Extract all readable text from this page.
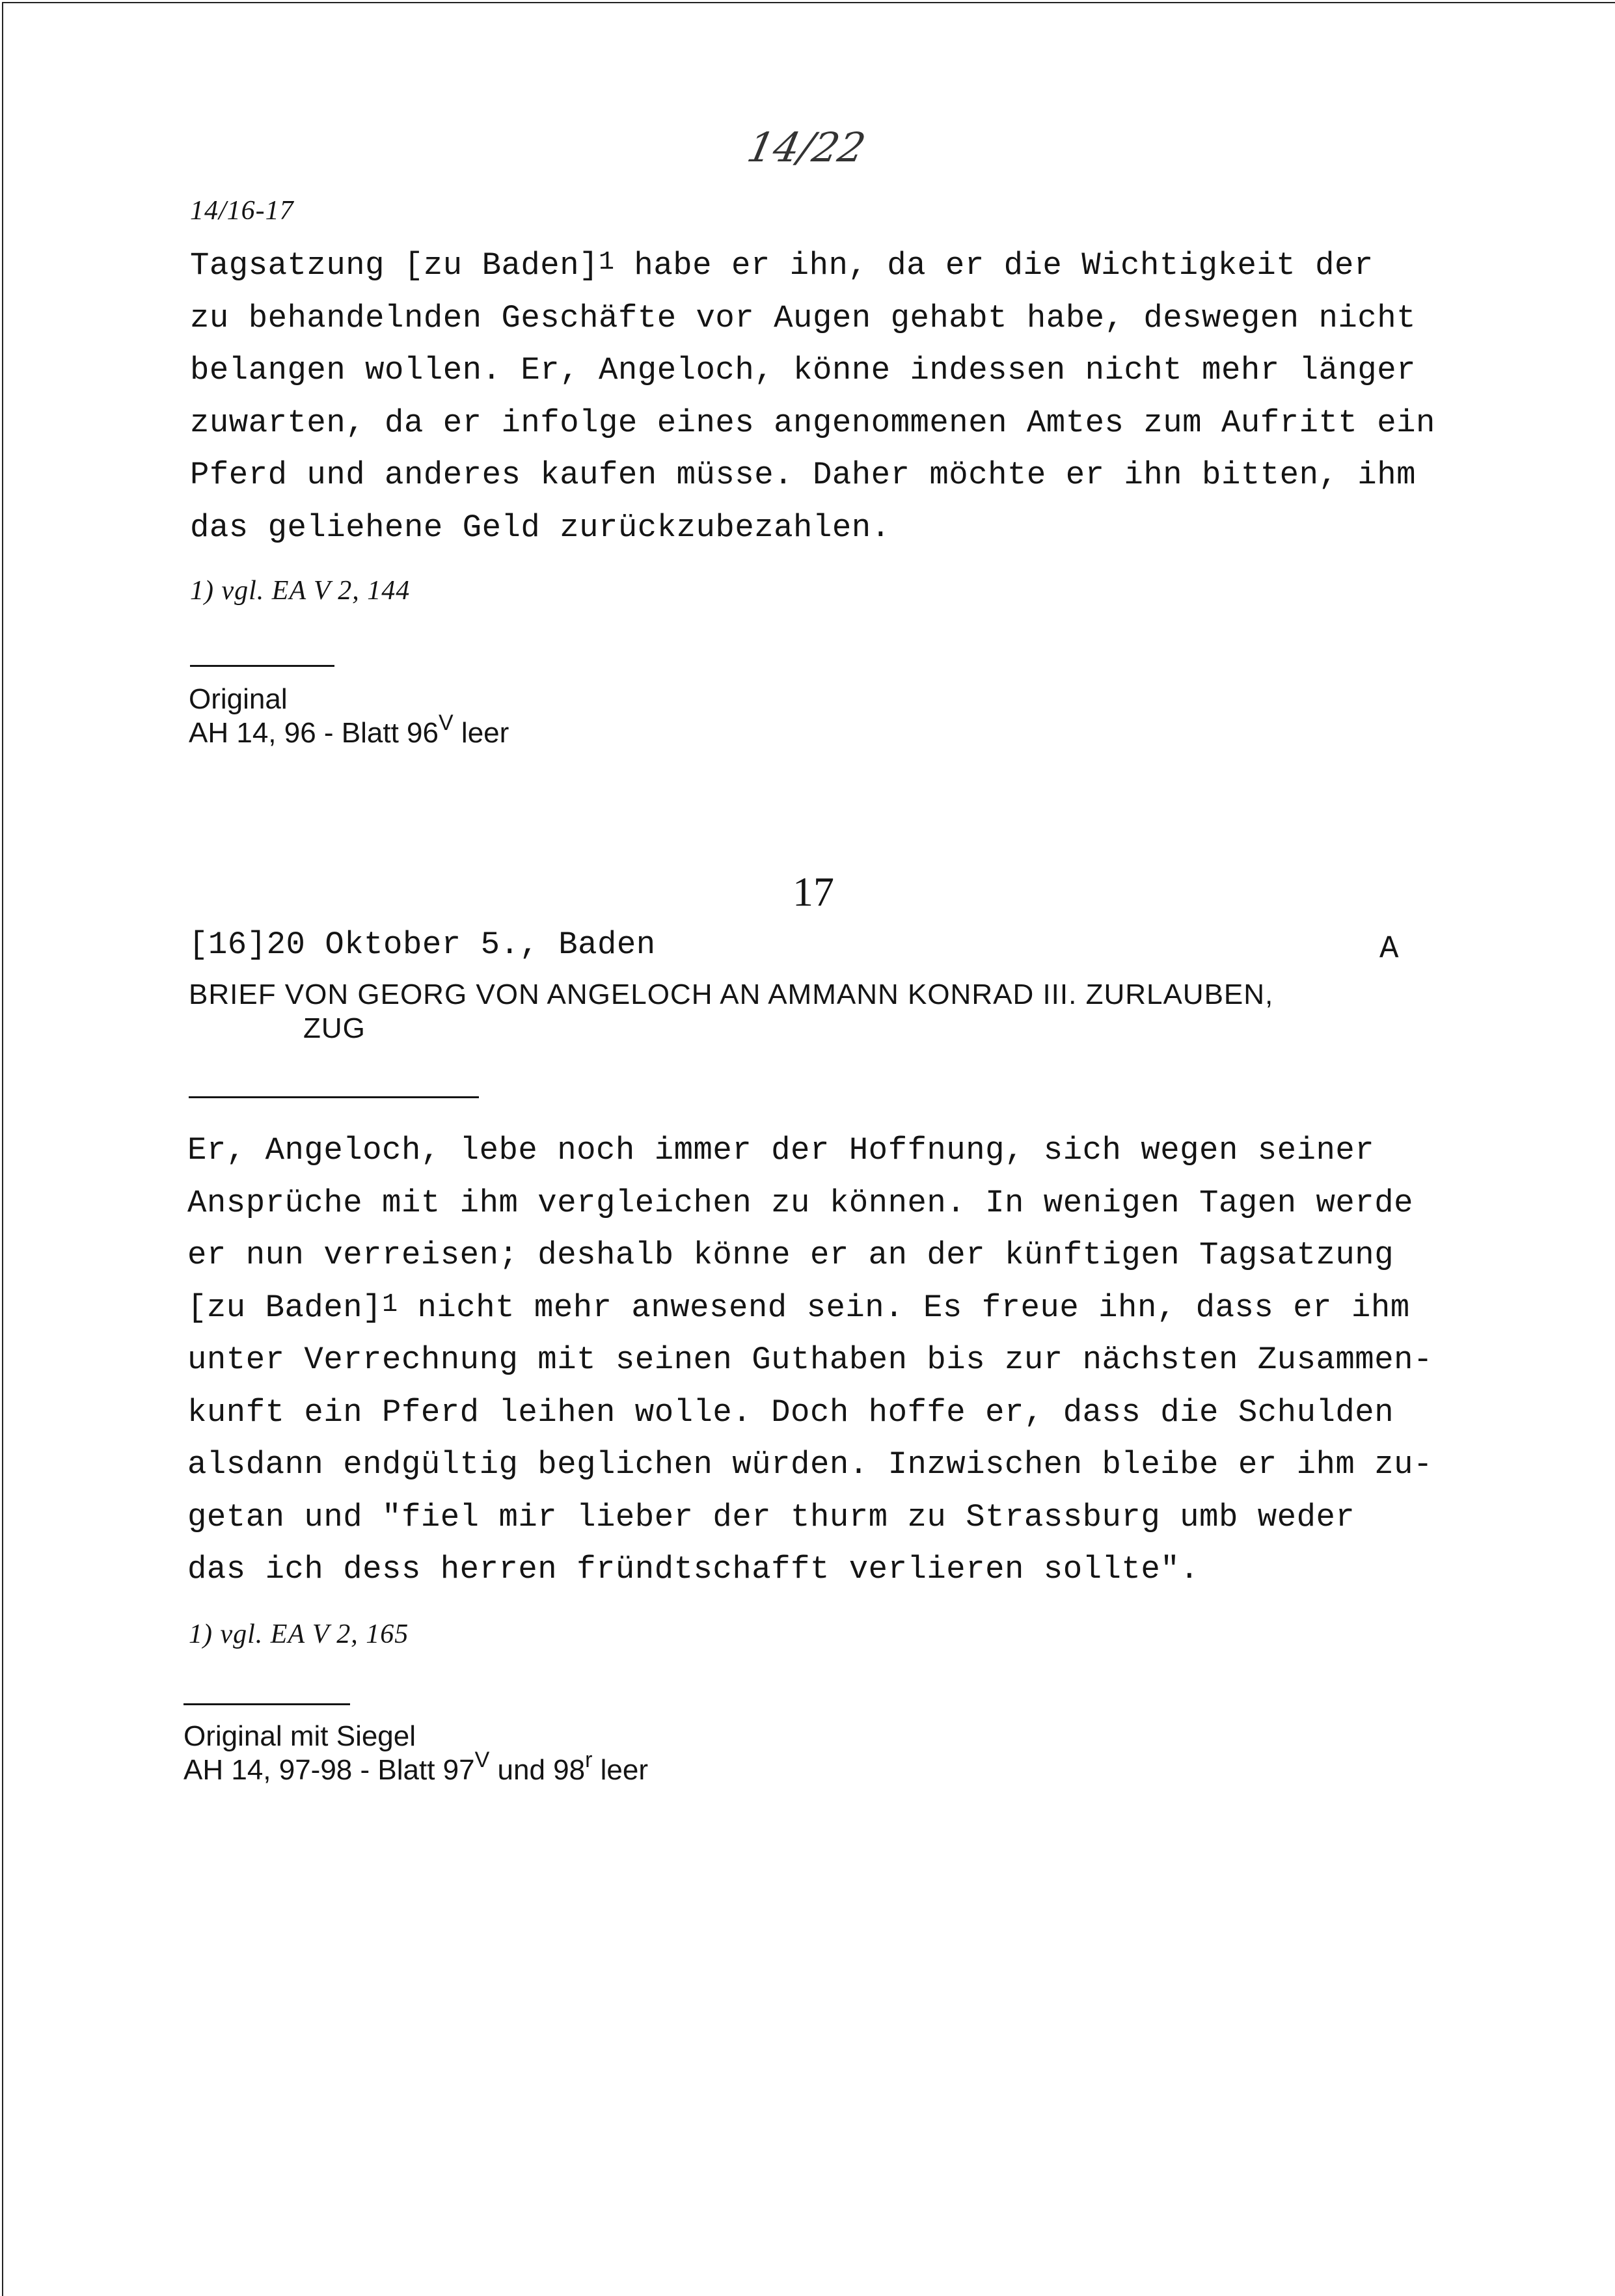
14/22
14/16-17
Tagsatzung [zu Baden]$^1$ habe er ihn, da er die Wichtigkeit der
zu behandelnden Geschäfte vor Augen gehabt habe, deswegen nicht
belangen wollen. Er, Angeloch, könne indessen nicht mehr länger
zuwarten, da er infolge eines angenommenen Amtes zum Aufritt ein
Pferd und anderes kaufen müsse. Daher möchte er ihn bitten, ihm
das geliehene Geld zurückzubezahlen.
1) vgl. EA V 2, 144
Original
AH 14, 96 - Blatt $96^V$ leer
17
[16]20 Oktober 5., Baden	A
BRIEF VON GEORG VON ANGELOCH AN AMMANN KONRAD III. ZURLAUBEN,
ZUG
Er, Angeloch, lebe noch immer der Hoffnung, sich wegen seiner
Ansprüche mit ihm vergleichen zu können. In wenigen Tagen werde
er nun verreisen; deshalb könne er an der künftigen Tagsatzung
[zu Baden]$^1$ nicht mehr anwesend sein. Es freue ihn, dass er ihm
unter Verrechnung mit seinen Guthaben bis zur nächsten Zusammen-
kunft ein Pferd leihen wolle. Doch hoffe er, dass die Schulden
alsdann endgültig beglichen würden. Inzwischen bleibe er ihm zu-
getan und "fiel mir lieber der thurm zu Strassburg umb weder
das ich dess herren fründtschafft verlieren sollte".
1) vgl. EA V 2, 165
Original mit Siegel
AH 14, 97-98 - Blatt $97^V$ und 98$^r$ leer
